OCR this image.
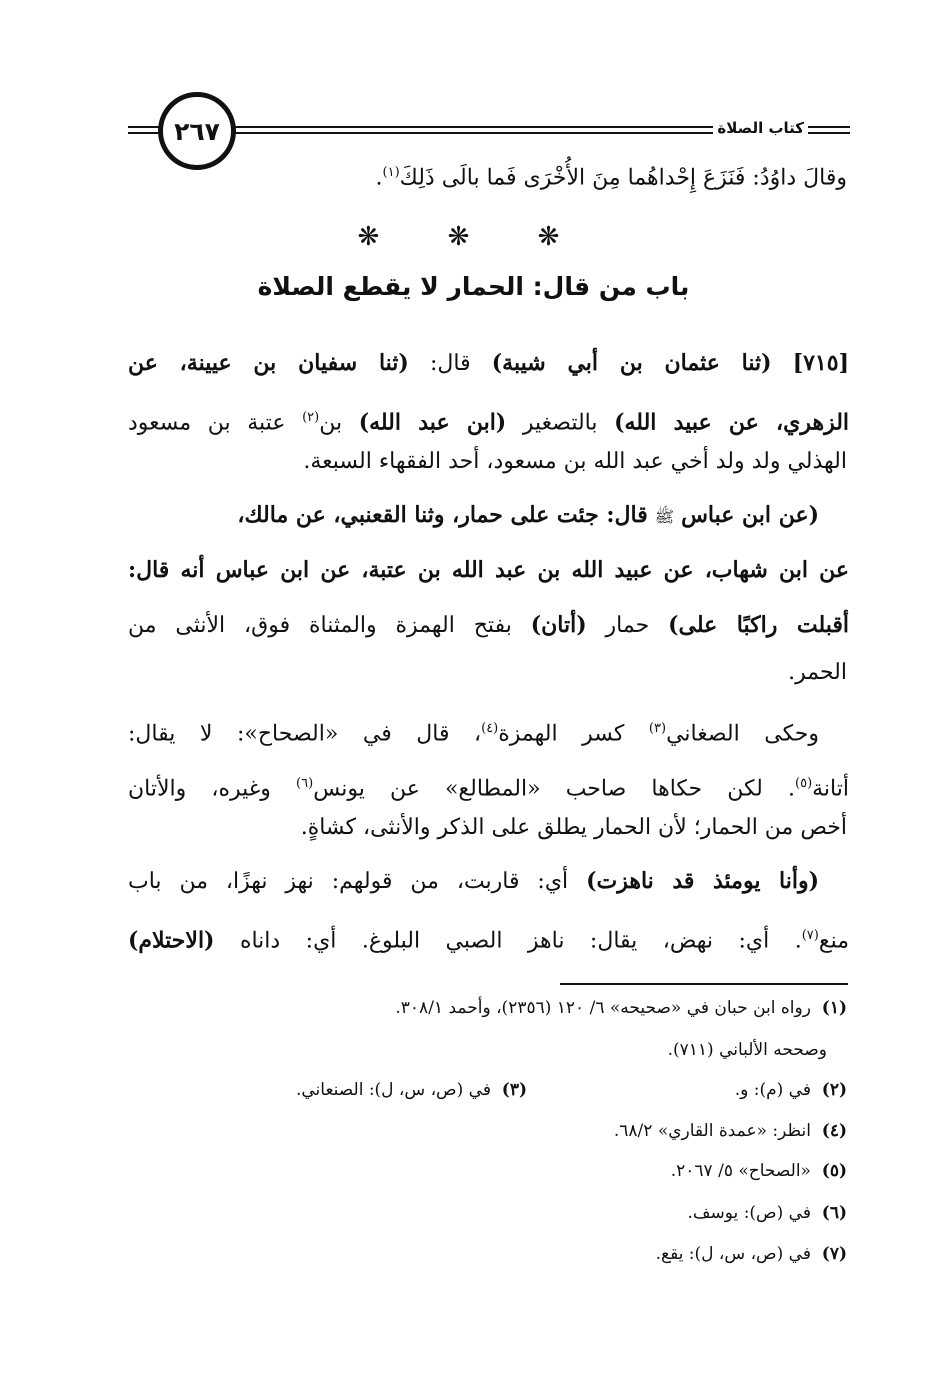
٢٦٧	كتاب الصلاة
وقالَ داوُدُ: فَنَزَعَ إِحْداهُما مِنَ الأُخْرَى فَما بالَى ذَلِكَ$^{(١)}$.
❋ ❋ ❋
باب من قال: الحمار لا يقطع الصلاة
[٧١٥] (ثنا عثمان بن أبي شيبة) قال: (ثنا سفيان بن عيينة، عن
الزهري، عن عبيد الله) بالتصغير (ابن عبد الله) بن$^{(٢)}$ عتبة بن مسعود
الهذلي ولد ولد أخي عبد الله بن مسعود، أحد الفقهاء السبعة.
(عن ابن عباس ﷺ قال: جئت على حمار، وثنا القعنبي، عن مالك،
عن ابن شهاب، عن عبيد الله بن عبد الله بن عتبة، عن ابن عباس أنه قال:
أقبلت راكبًا على) حمار (أتان) بفتح الهمزة والمثناة فوق، الأنثى من
الحمر.
وحكى الصغاني$^{(٣)}$ كسر الهمزة$^{(٤)}$، قال في «الصحاح»: لا يقال:
أتانة$^{(٥)}$. لكن حكاها صاحب «المطالع» عن يونس$^{(٦)}$ وغيره، والأتان
أخص من الحمار؛ لأن الحمار يطلق على الذكر والأنثى، كشاةٍ.
(وأنا يومئذ قد ناهزت) أي: قاربت، من قولهم: نهز نهزًا، من باب
منع$^{(٧)}$. أي: نهض، يقال: ناهز الصبي البلوغ. أي: داناه (الاحتلام)
(١)  رواه ابن حبان في «صحيحه» ٦/ ١٢٠ (٢٣٥٦)، وأحمد ٣٠٨/١.
وصححه الألباني (٧١١).
(٢)  في (م): و.
(٣)  في (ص، س، ل): الصنعاني.
(٤)  انظر: «عمدة القاري» ٦٨/٢.
(٥)  «الصحاح» ٥/ ٢٠٦٧.
(٦)  في (ص): يوسف.
(٧)  في (ص، س، ل): يقع.
